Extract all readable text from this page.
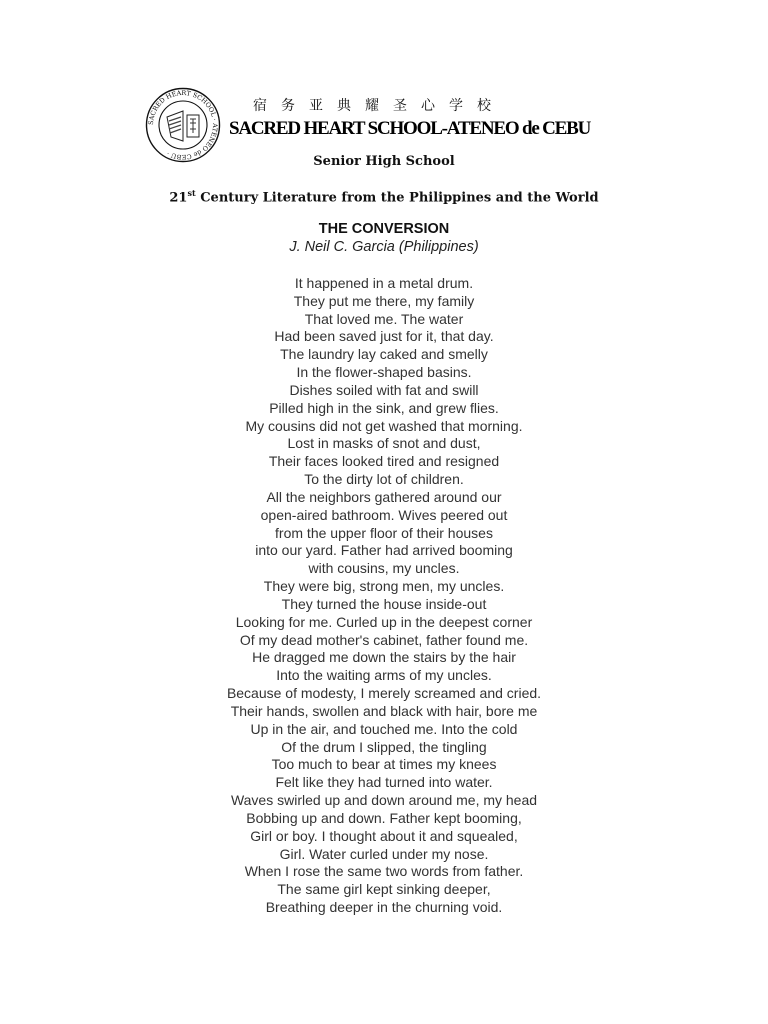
SACRED HEART SCHOOL · ATENEO de CEBU ·
宿务亚典耀圣心学校
SACRED HEART SCHOOL-ATENEO de CEBU
Senior High School
21st Century Literature from the Philippines and the World
THE CONVERSION
J. Neil C. Garcia (Philippines)
It happened in a metal drum.
They put me there, my family
That loved me. The water
Had been saved just for it, that day.
The laundry lay caked and smelly
In the flower-shaped basins.
Dishes soiled with fat and swill
Pilled high in the sink, and grew flies.
My cousins did not get washed that morning.
Lost in masks of snot and dust,
Their faces looked tired and resigned
To the dirty lot of children.
All the neighbors gathered around our
open-aired bathroom. Wives peered out
from the upper floor of their houses
into our yard. Father had arrived booming
with cousins, my uncles.
They were big, strong men, my uncles.
They turned the house inside-out
Looking for me. Curled up in the deepest corner
Of my dead mother's cabinet, father found me.
He dragged me down the stairs by the hair
Into the waiting arms of my uncles.
Because of modesty, I merely screamed and cried.
Their hands, swollen and black with hair, bore me
Up in the air, and touched me. Into the cold
Of the drum I slipped, the tingling
Too much to bear at times my knees
Felt like they had turned into water.
Waves swirled up and down around me, my head
Bobbing up and down. Father kept booming,
Girl or boy. I thought about it and squealed,
Girl. Water curled under my nose.
When I rose the same two words from father.
The same girl kept sinking deeper,
Breathing deeper in the churning void.
